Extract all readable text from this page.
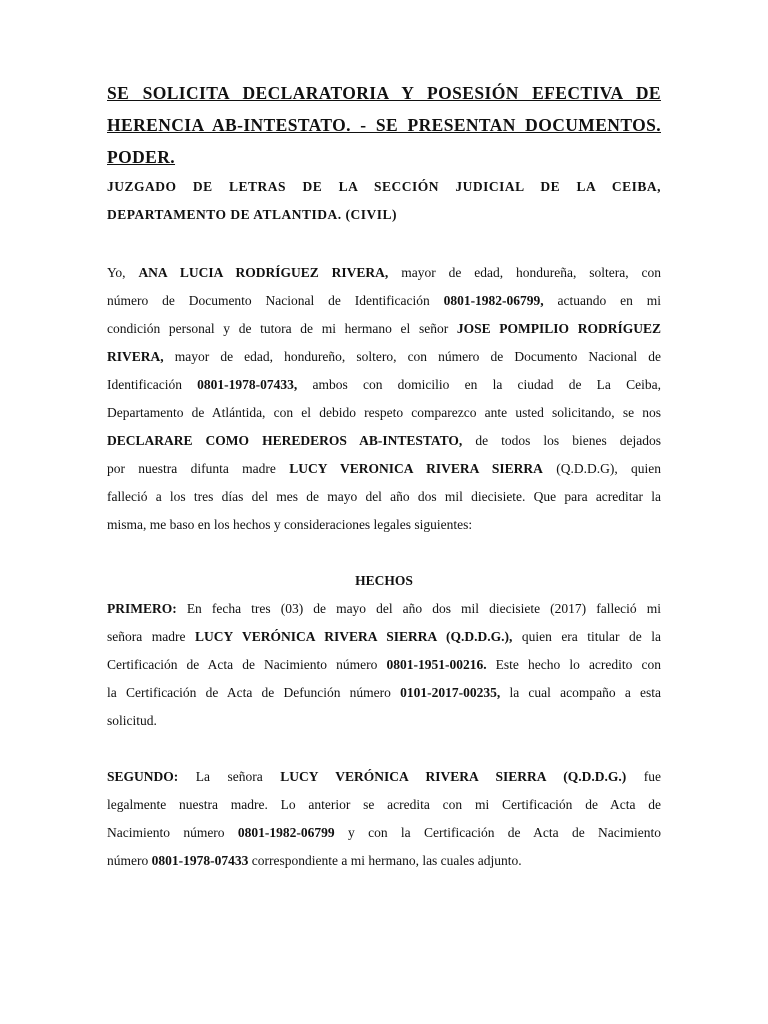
SE SOLICITA DECLARATORIA Y POSESIÓN EFECTIVA DE

HERENCIA AB-INTESTATO. - SE PRESENTAN DOCUMENTOS.

PODER.

JUZGADO DE LETRAS DE LA SECCIÓN JUDICIAL DE LA CEIBA,

DEPARTAMENTO DE ATLANTIDA. (CIVIL)

Yo, ANA LUCIA RODRÍGUEZ RIVERA, mayor de edad, hondureña, soltera, con

número de Documento Nacional de Identificación 0801-1982-06799, actuando en mi

condición personal y de tutora de mi hermano el señor JOSE POMPILIO RODRÍGUEZ

RIVERA, mayor de edad, hondureño, soltero, con número de Documento Nacional de

Identificación 0801-1978-07433, ambos con domicilio en la ciudad de La Ceiba,

Departamento de Atlántida, con el debido respeto comparezco ante usted solicitando, se nos

DECLARARE COMO HEREDEROS AB-INTESTATO, de todos los bienes dejados

por nuestra difunta madre LUCY VERONICA RIVERA SIERRA (Q.D.D.G), quien

falleció a los tres días del mes de mayo del año dos mil diecisiete. Que para acreditar la

misma, me baso en los hechos y consideraciones legales siguientes:

HECHOS

PRIMERO: En fecha tres (03) de mayo del año dos mil diecisiete (2017) falleció mi

señora madre LUCY VERÓNICA RIVERA SIERRA (Q.D.D.G.), quien era titular de la

Certificación de Acta de Nacimiento número 0801-1951-00216. Este hecho lo acredito con

la Certificación de Acta de Defunción número 0101-2017-00235, la cual acompaño a esta

solicitud.

SEGUNDO: La señora LUCY VERÓNICA RIVERA SIERRA (Q.D.D.G.) fue

legalmente nuestra madre. Lo anterior se acredita con mi Certificación de Acta de

Nacimiento número 0801-1982-06799 y con la Certificación de Acta de Nacimiento

número 0801-1978-07433 correspondiente a mi hermano, las cuales adjunto.
